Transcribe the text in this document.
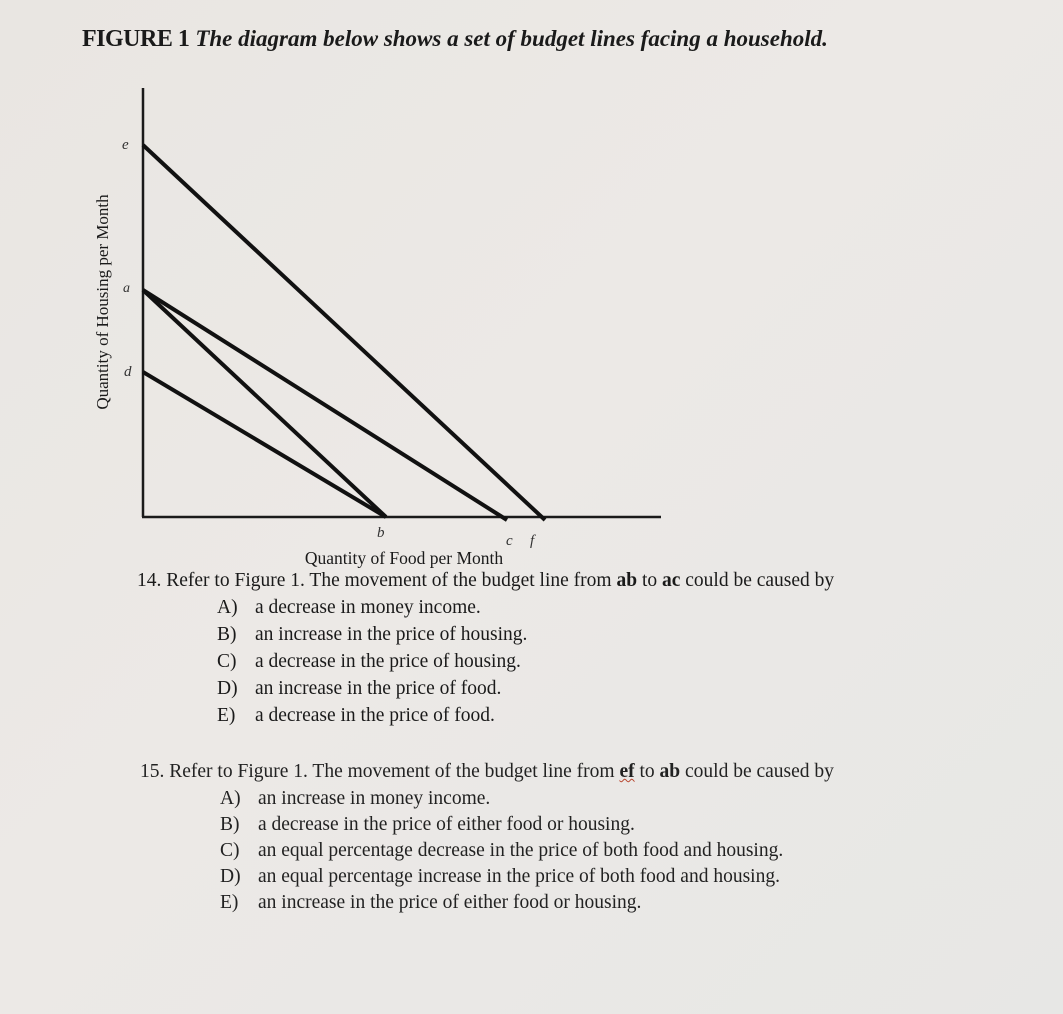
FIGURE 1 The diagram below shows a set of budget lines facing a household.
e
a
d
b	c f
Quantity of Housing per Month
Quantity of Food per Month
14. Refer to Figure 1. The movement of the budget line from ab to ac could be caused by
A) a decrease in money income.
B) an increase in the price of housing.
C) a decrease in the price of housing.
D) an increase in the price of food.
E) a decrease in the price of food.
15. Refer to Figure 1. The movement of the budget line from ef to ab could be caused by
A) an increase in money income.
B) a decrease in the price of either food or housing.
C) an equal percentage decrease in the price of both food and housing.
D) an equal percentage increase in the price of both food and housing.
E) an increase in the price of either food or housing.
